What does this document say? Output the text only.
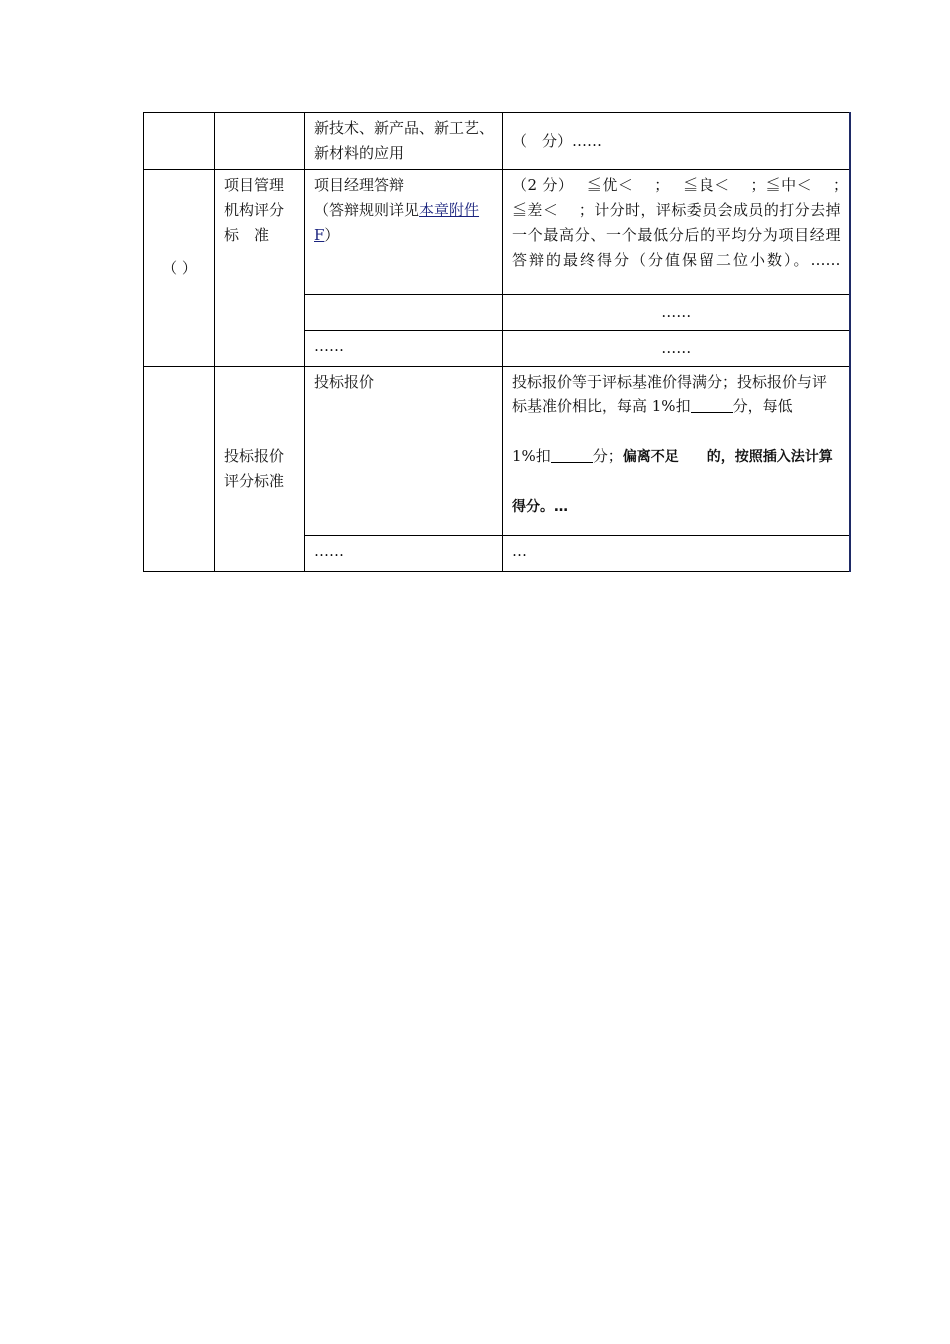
		新技术、新产品、新工艺、新材料的应用	（　分）……
（ ）	项目管理机构评分标　准	项目经理答辩
（答辩规则详见本章附件 F）	（2 分）　 ≦优＜　 ；　 ≦良＜　 ；≦中＜　 ；　 ≦差＜　 ；计分时，评标委员会成员的打分去掉一个最高分、一个最低分后的平均分为项目经理答辩的最终得分（分值保留二位小数）。……

			……
		……	……
	投标报价评分标准	投标报价	投标报价等于评标基准价得满分；投标报价与评标基准价相比，每高 1%扣 分，每低
1%扣 分；偏离不足　　的，按照插入法计算得分。…

		……	…
